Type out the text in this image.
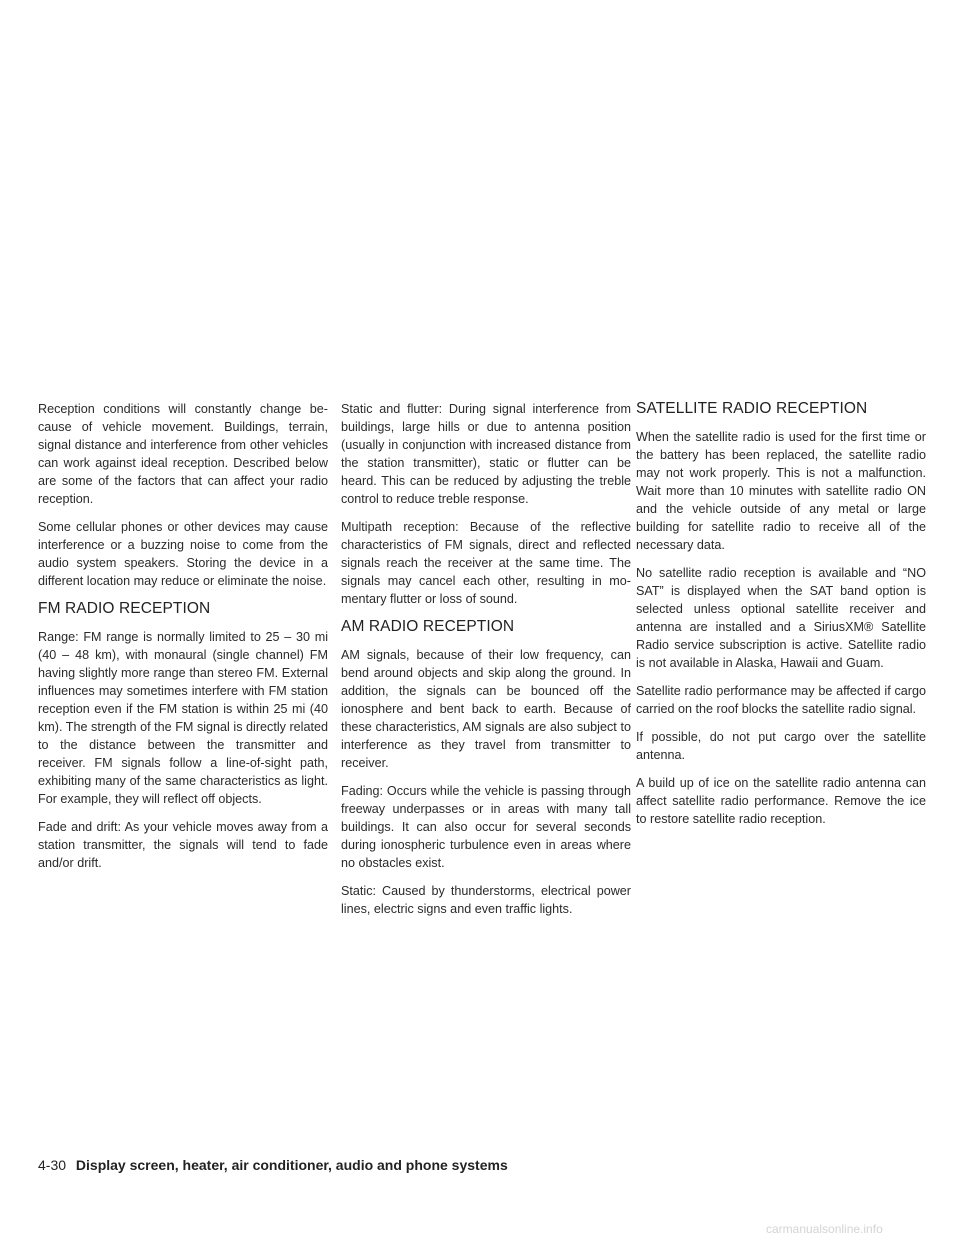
Reception conditions will constantly change because of vehicle movement. Buildings, terrain, signal distance and interference from other vehicles can work against ideal reception. Described below are some of the factors that can affect your radio reception.

Some cellular phones or other devices may cause interference or a buzzing noise to come from the audio system speakers. Storing the device in a different location may reduce or eliminate the noise.

FM RADIO RECEPTION

Range: FM range is normally limited to 25 – 30 mi (40 – 48 km), with monaural (single channel) FM having slightly more range than stereo FM. External influences may sometimes interfere with FM station reception even if the FM station is within 25 mi (40 km). The strength of the FM signal is directly related to the distance between the transmitter and receiver. FM signals follow a line-of-sight path, exhibiting many of the same characteristics as light. For example, they will reflect off objects.

Fade and drift: As your vehicle moves away from a station transmitter, the signals will tend to fade and/or drift.

Static and flutter: During signal interference from buildings, large hills or due to antenna position (usually in conjunction with increased distance from the station transmitter), static or flutter can be heard. This can be reduced by adjusting the treble control to reduce treble response.

Multipath reception: Because of the reflective characteristics of FM signals, direct and reflected signals reach the receiver at the same time. The signals may cancel each other, resulting in momentary flutter or loss of sound.

AM RADIO RECEPTION

AM signals, because of their low frequency, can bend around objects and skip along the ground. In addition, the signals can be bounced off the ionosphere and bent back to earth. Because of these characteristics, AM signals are also subject to interference as they travel from transmitter to receiver.

Fading: Occurs while the vehicle is passing through freeway underpasses or in areas with many tall buildings. It can also occur for several seconds during ionospheric turbulence even in areas where no obstacles exist.

Static: Caused by thunderstorms, electrical power lines, electric signs and even traffic lights.

SATELLITE RADIO RECEPTION

When the satellite radio is used for the first time or the battery has been replaced, the satellite radio may not work properly. This is not a malfunction. Wait more than 10 minutes with satellite radio ON and the vehicle outside of any metal or large building for satellite radio to receive all of the necessary data.

No satellite radio reception is available and “NO SAT” is displayed when the SAT band option is selected unless optional satellite receiver and antenna are installed and a SiriusXM® Satellite Radio service subscription is active. Satellite radio is not available in Alaska, Hawaii and Guam.

Satellite radio performance may be affected if cargo carried on the roof blocks the satellite radio signal.

If possible, do not put cargo over the satellite antenna.

A build up of ice on the satellite radio antenna can affect satellite radio performance. Remove the ice to restore satellite radio reception.

4-30 Display screen, heater, air conditioner, audio and phone systems
carmanualsonline.info
